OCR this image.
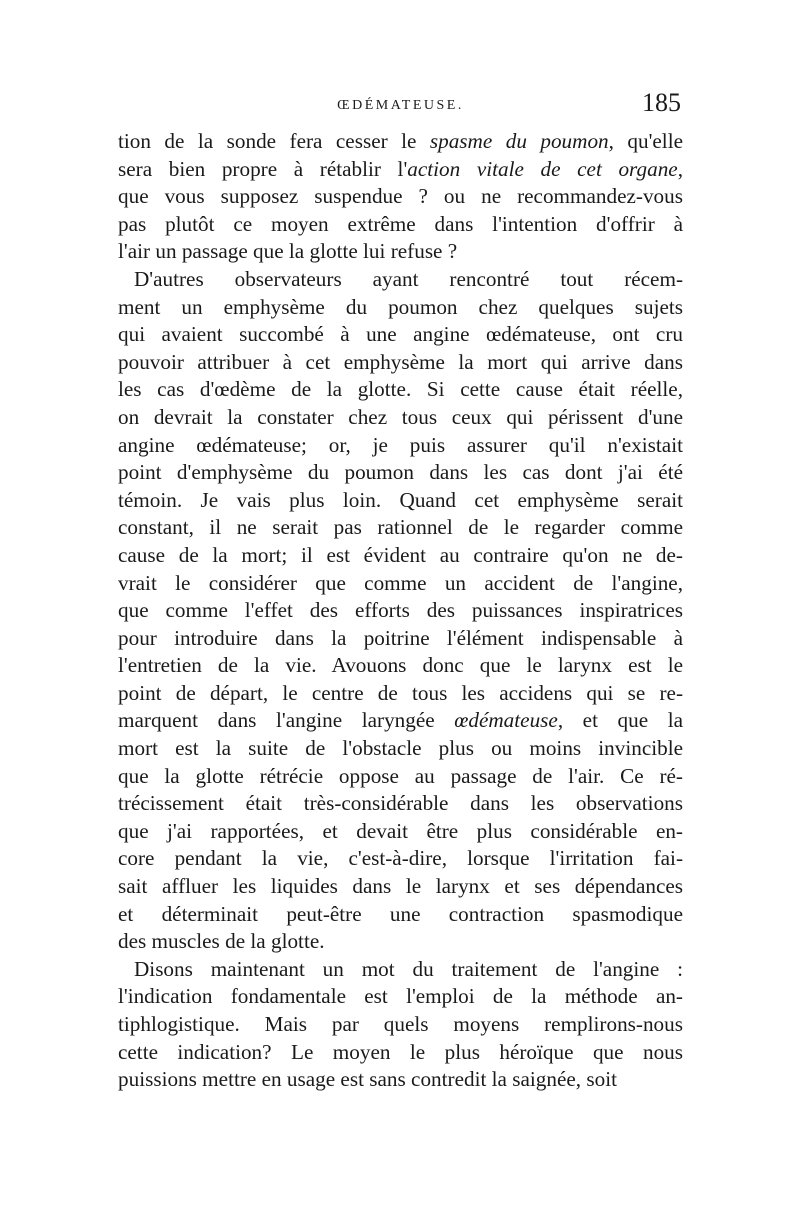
ŒDÉMATEUSE.	185
tion de la sonde fera cesser le spasme du poumon, qu'elle
sera bien propre à rétablir l'action vitale de cet organe,
que vous supposez suspendue ? ou ne recommandez-vous
pas plutôt ce moyen extrême dans l'intention d'offrir à
l'air un passage que la glotte lui refuse ?
D'autres observateurs ayant rencontré tout récem-
ment un emphysème du poumon chez quelques sujets
qui avaient succombé à une angine œdémateuse, ont cru
pouvoir attribuer à cet emphysème la mort qui arrive dans
les cas d'œdème de la glotte. Si cette cause était réelle,
on devrait la constater chez tous ceux qui périssent d'une
angine œdémateuse; or, je puis assurer qu'il n'existait
point d'emphysème du poumon dans les cas dont j'ai été
témoin. Je vais plus loin. Quand cet emphysème serait
constant, il ne serait pas rationnel de le regarder comme
cause de la mort; il est évident au contraire qu'on ne de-
vrait le considérer que comme un accident de l'angine,
que comme l'effet des efforts des puissances inspiratrices
pour introduire dans la poitrine l'élément indispensable à
l'entretien de la vie. Avouons donc que le larynx est le
point de départ, le centre de tous les accidens qui se re-
marquent dans l'angine laryngée œdémateuse, et que la
mort est la suite de l'obstacle plus ou moins invincible
que la glotte rétrécie oppose au passage de l'air. Ce ré-
trécissement était très-considérable dans les observations
que j'ai rapportées, et devait être plus considérable en-
core pendant la vie, c'est-à-dire, lorsque l'irritation fai-
sait affluer les liquides dans le larynx et ses dépendances
et déterminait peut-être une contraction spasmodique
des muscles de la glotte.
Disons maintenant un mot du traitement de l'angine :
l'indication fondamentale est l'emploi de la méthode an-
tiphlogistique. Mais par quels moyens remplirons-nous
cette indication? Le moyen le plus héroïque que nous
puissions mettre en usage est sans contredit la saignée, soit
